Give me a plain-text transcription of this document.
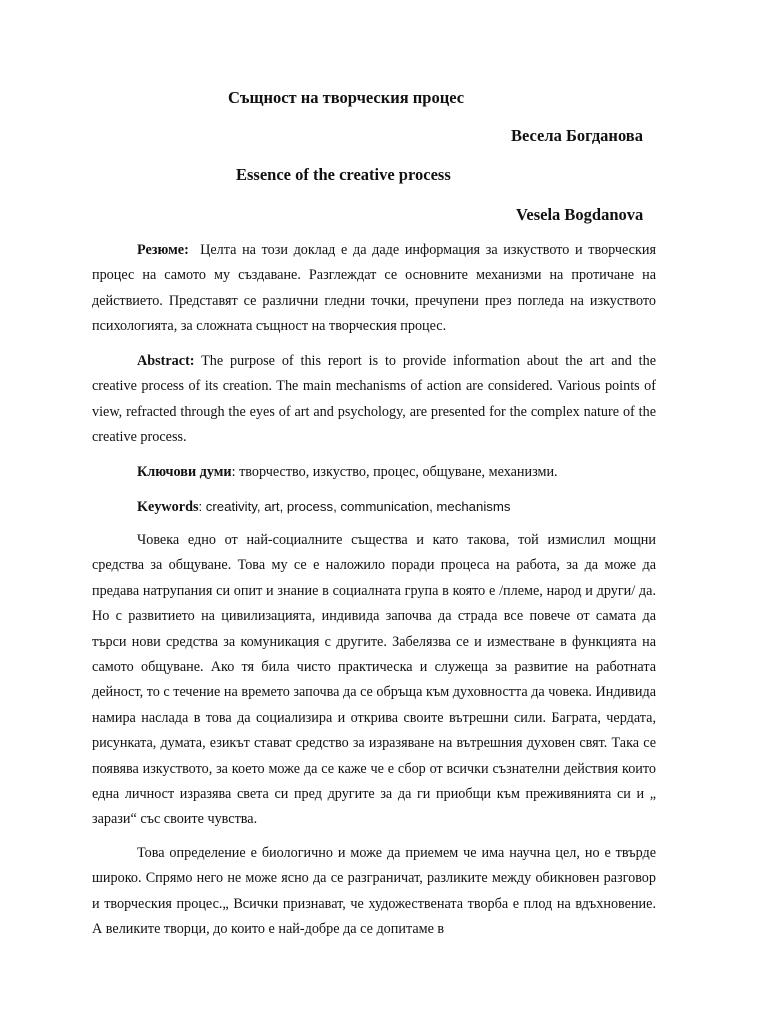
Същност на творческия процес
Весела Богданова
Essence of the creative process
Vesela Bogdanova
Резюме: Целта на този доклад е да даде информация за изкуството и творческия процес на самото му създаване. Разглеждат се основните механизми на протичане на действието. Представят се различни гледни точки, пречупени през погледа на изкуството психологията, за сложната същност на творческия процес.
Abstract: The purpose of this report is to provide information about the art and the creative process of its creation. The main mechanisms of action are considered. Various points of view, refracted through the eyes of art and psychology, are presented for the complex nature of the creative process.
Ключови думи: творчество, изкуство, процес, общуване, механизми.
Keywords: creativity, art, process, communication, mechanisms
Човека едно от най-социалните същества и като такова, той измислил мощни средства за общуване. Това му се е наложило поради процеса на работа, за да може да предава натрупания си опит и знание в социалната група в която е /племе, народ и други/ да. Но с развитието на цивилизацията, индивида започва да страда все повече от самата да търси нови средства за комуникация с другите. Забелязва се и изместване в функцията на самото общуване. Ако тя била чисто практическа и служеща за развитие на работната дейност, то с течение на времето започва да се обръща към духовността да човека. Индивида намира наслада в това да социализира и открива своите вътрешни сили. Баграта, чердата, рисунката, думата, езикът стават средство за изразяване на вътрешния духовен свят. Така се появява изкуството, за което може да се каже че е сбор от всички съзнателни действия които една личност изразява света си пред другите за да ги приобщи към преживянията си и „ зарази“ със своите чувства.
Това определение е биологично и може да приемем че има научна цел, но е твърде широко. Спрямо него не може ясно да се разграничат, разликите между обикновен разговор и творческия процес.„ Всички признават, че художествената творба е плод на вдъхновение. А великите творци, до които е най-добре да се допитаме в
